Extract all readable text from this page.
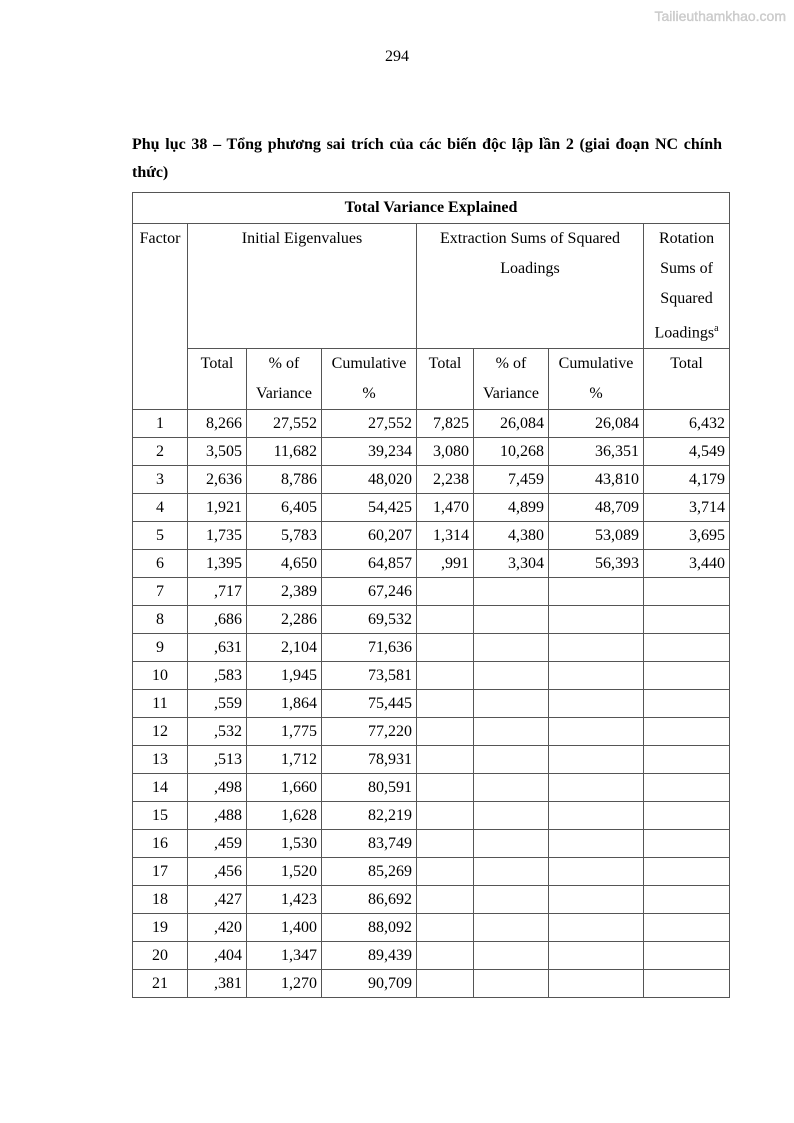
Tailieuthamkhao.com
294
Phụ lục 38 – Tổng phương sai trích của các biến độc lập lần 2 (giai đoạn NC chính thức)
Total Variance Explained							
Factor	Initial Eigenvalues			Extraction Sums of Squared Loadings			Rotation Sums of Squared Loadings$^a$
	Total	% of Variance	Cumulative %	Total	% of Variance	Cumulative %	Total
1	8,266	27,552	27,552	7,825	26,084	26,084	6,432
2	3,505	11,682	39,234	3,080	10,268	36,351	4,549
3	2,636	8,786	48,020	2,238	7,459	43,810	4,179
4	1,921	6,405	54,425	1,470	4,899	48,709	3,714
5	1,735	5,783	60,207	1,314	4,380	53,089	3,695
6	1,395	4,650	64,857	,991	3,304	56,393	3,440
7	,717	2,389	67,246				
8	,686	2,286	69,532				
9	,631	2,104	71,636				
10	,583	1,945	73,581				
11	,559	1,864	75,445				
12	,532	1,775	77,220				
13	,513	1,712	78,931				
14	,498	1,660	80,591				
15	,488	1,628	82,219				
16	,459	1,530	83,749				
17	,456	1,520	85,269				
18	,427	1,423	86,692				
19	,420	1,400	88,092				
20	,404	1,347	89,439				
21	,381	1,270	90,709				
